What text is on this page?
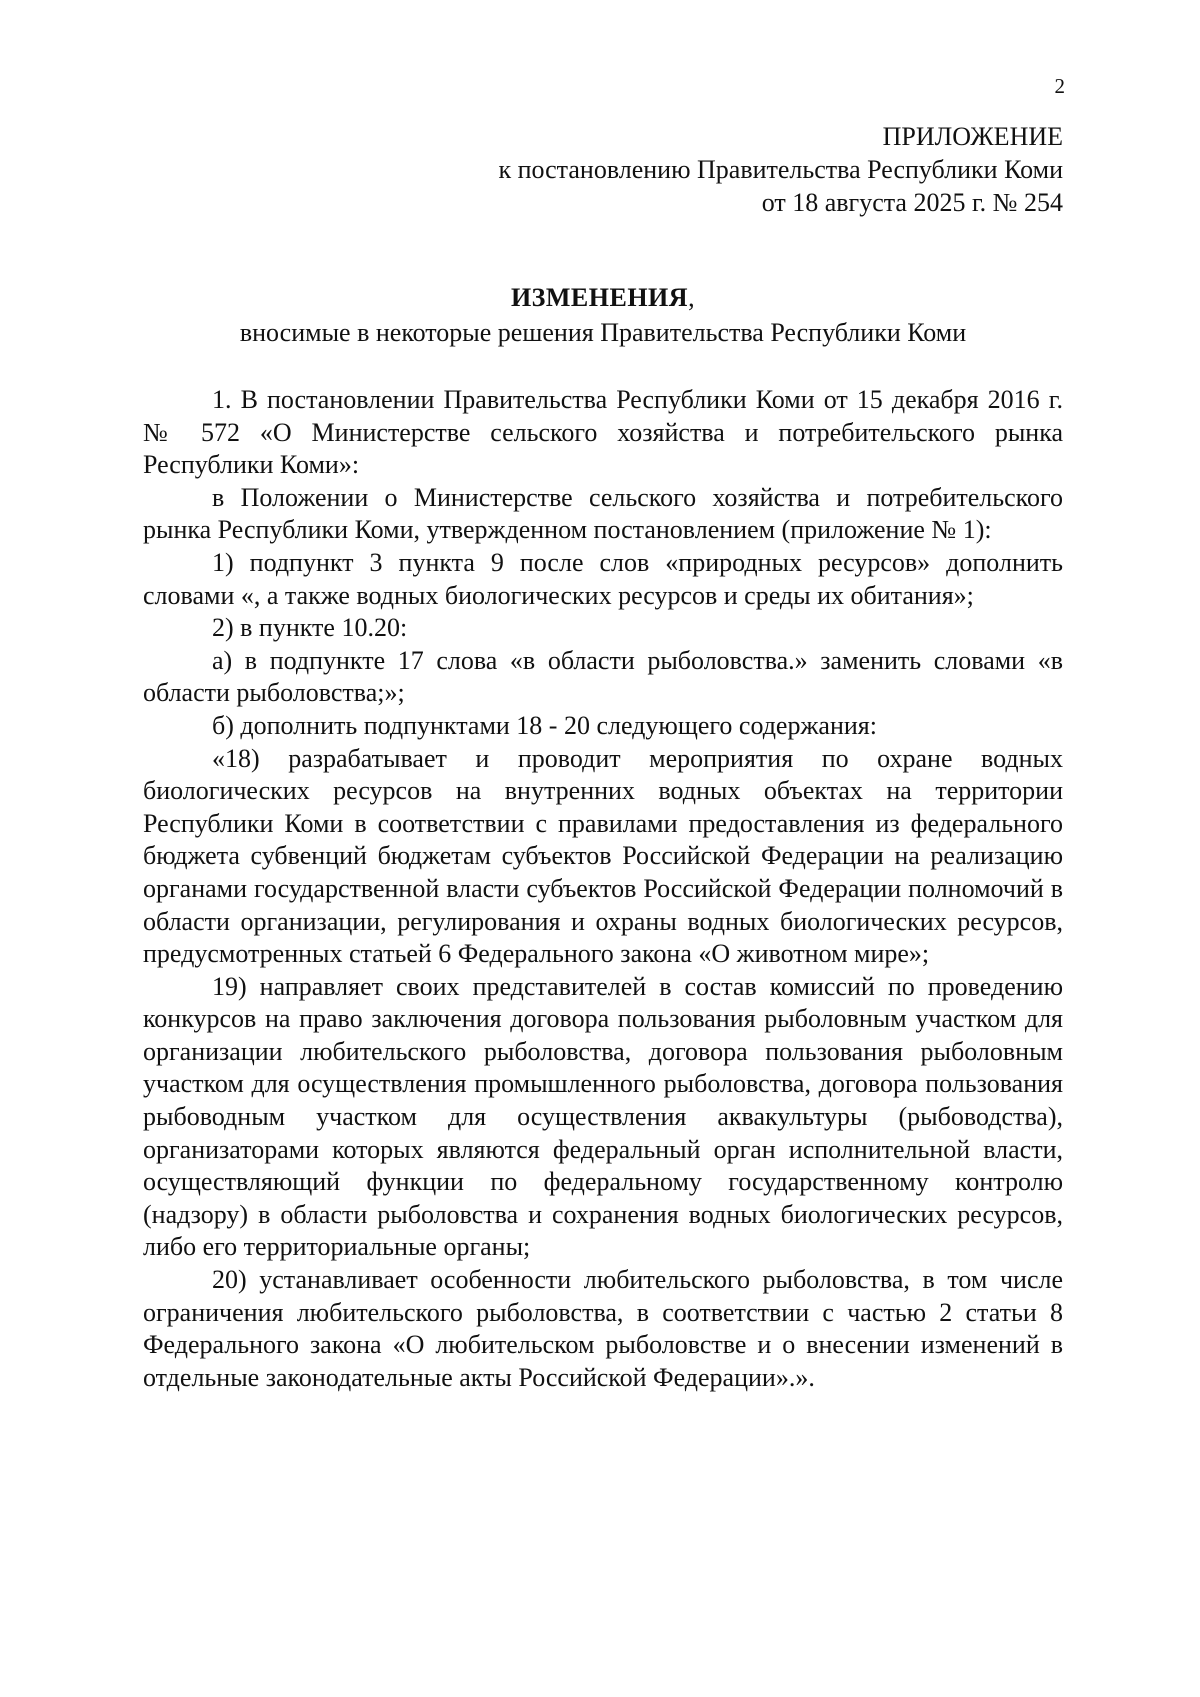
2
ПРИЛОЖЕНИЕ
к постановлению Правительства Республики Коми
от 18 августа 2025 г. № 254
ИЗМЕНЕНИЯ,
вносимые в некоторые решения Правительства Республики Коми

1. В постановлении Правительства Республики Коми от 15 декабря 2016 г. № 572 «О Министерстве сельского хозяйства и потребительского рынка Республики Коми»:

в Положении о Министерстве сельского хозяйства и потребительского рынка Республики Коми, утвержденном постановлением (приложение № 1):

1) подпункт 3 пункта 9 после слов «природных ресурсов» дополнить словами «, а также водных биологических ресурсов и среды их обитания»;

2) в пункте 10.20:

а) в подпункте 17 слова «в области рыболовства.» заменить словами «в области рыболовства;»;

б) дополнить подпунктами 18 - 20 следующего содержания:

«18) разрабатывает и проводит мероприятия по охране водных биологических ресурсов на внутренних водных объектах на территории Республики Коми в соответствии с правилами предоставления из федерального бюджета субвенций бюджетам субъектов Российской Федерации на реализацию органами государственной власти субъектов Российской Федерации полномочий в области организации, регулирования и охраны водных биологических ресурсов, предусмотренных статьей 6 Федерального закона «О животном мире»;

19) направляет своих представителей в состав комиссий по проведению конкурсов на право заключения договора пользования рыболовным участком для организации любительского рыболовства, договора пользования рыболовным участком для осуществления промышленного рыболовства, договора пользования рыбоводным участком для осуществления аквакультуры (рыбоводства), организаторами которых являются федеральный орган исполнительной власти, осуществляющий функции по федеральному государственному контролю (надзору) в области рыболовства и сохранения водных биологических ресурсов, либо его территориальные органы;

20) устанавливает особенности любительского рыболовства, в том числе ограничения любительского рыболовства, в соответствии с частью 2 статьи 8 Федерального закона «О любительском рыболовстве и о внесении изменений в отдельные законодательные акты Российской Федерации».».
